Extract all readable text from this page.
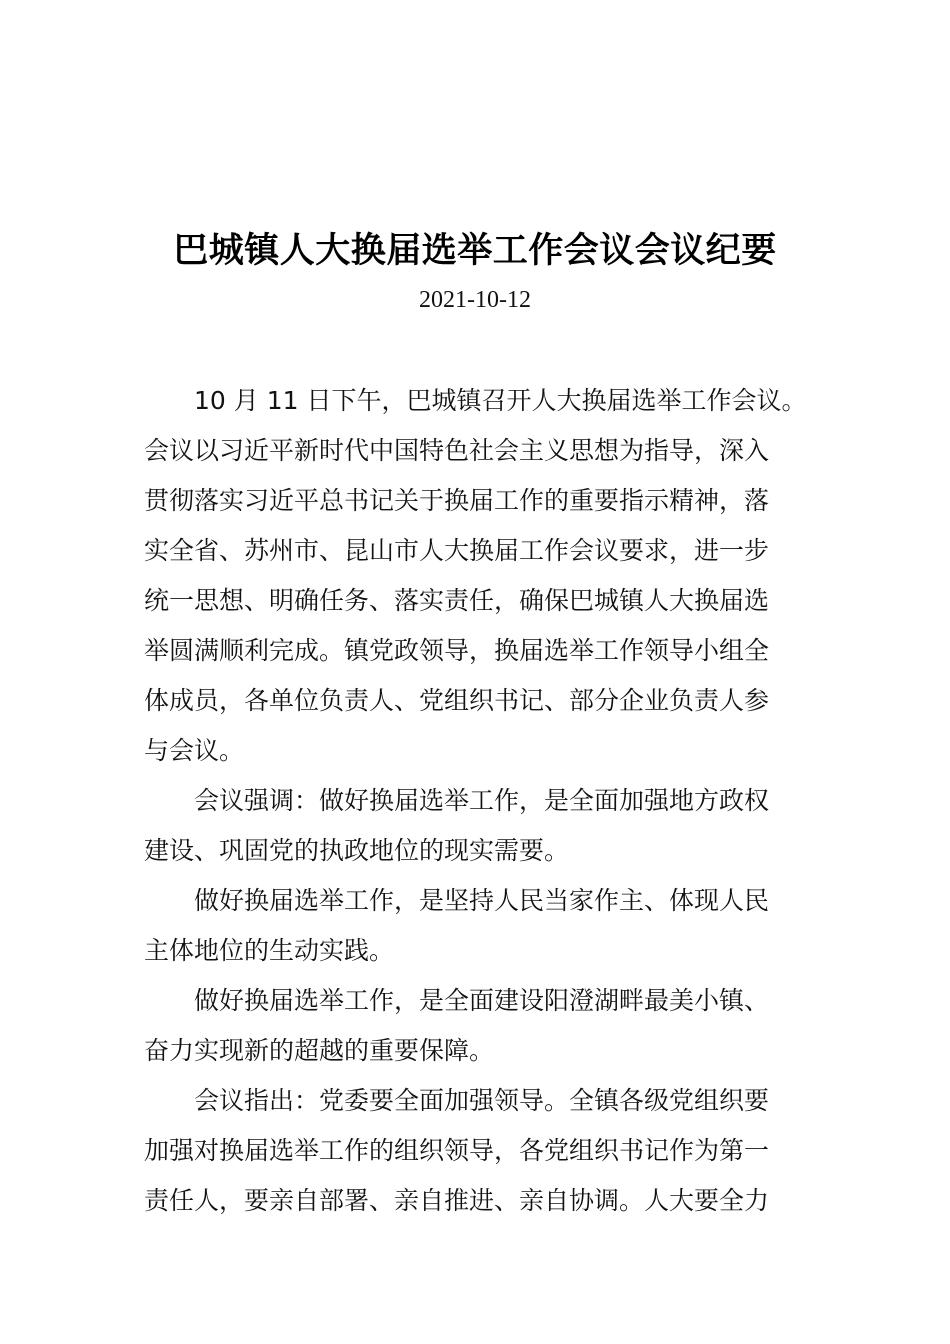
巴城镇人大换届选举工作会议会议纪要
2021-10-12
10 月 11 日下午，巴城镇召开人大换届选举工作会议。
会议以习近平新时代中国特色社会主义思想为指导，深入
贯彻落实习近平总书记关于换届工作的重要指示精神，落
实全省、苏州市、昆山市人大换届工作会议要求，进一步
统一思想、明确任务、落实责任，确保巴城镇人大换届选
举圆满顺利完成。镇党政领导，换届选举工作领导小组全
体成员，各单位负责人、党组织书记、部分企业负责人参
与会议。
会议强调：做好换届选举工作，是全面加强地方政权
建设、巩固党的执政地位的现实需要。
做好换届选举工作，是坚持人民当家作主、体现人民
主体地位的生动实践。
做好换届选举工作，是全面建设阳澄湖畔最美小镇、
奋力实现新的超越的重要保障。
会议指出：党委要全面加强领导。全镇各级党组织要
加强对换届选举工作的组织领导，各党组织书记作为第一
责任人，要亲自部署、亲自推进、亲自协调。人大要全力
